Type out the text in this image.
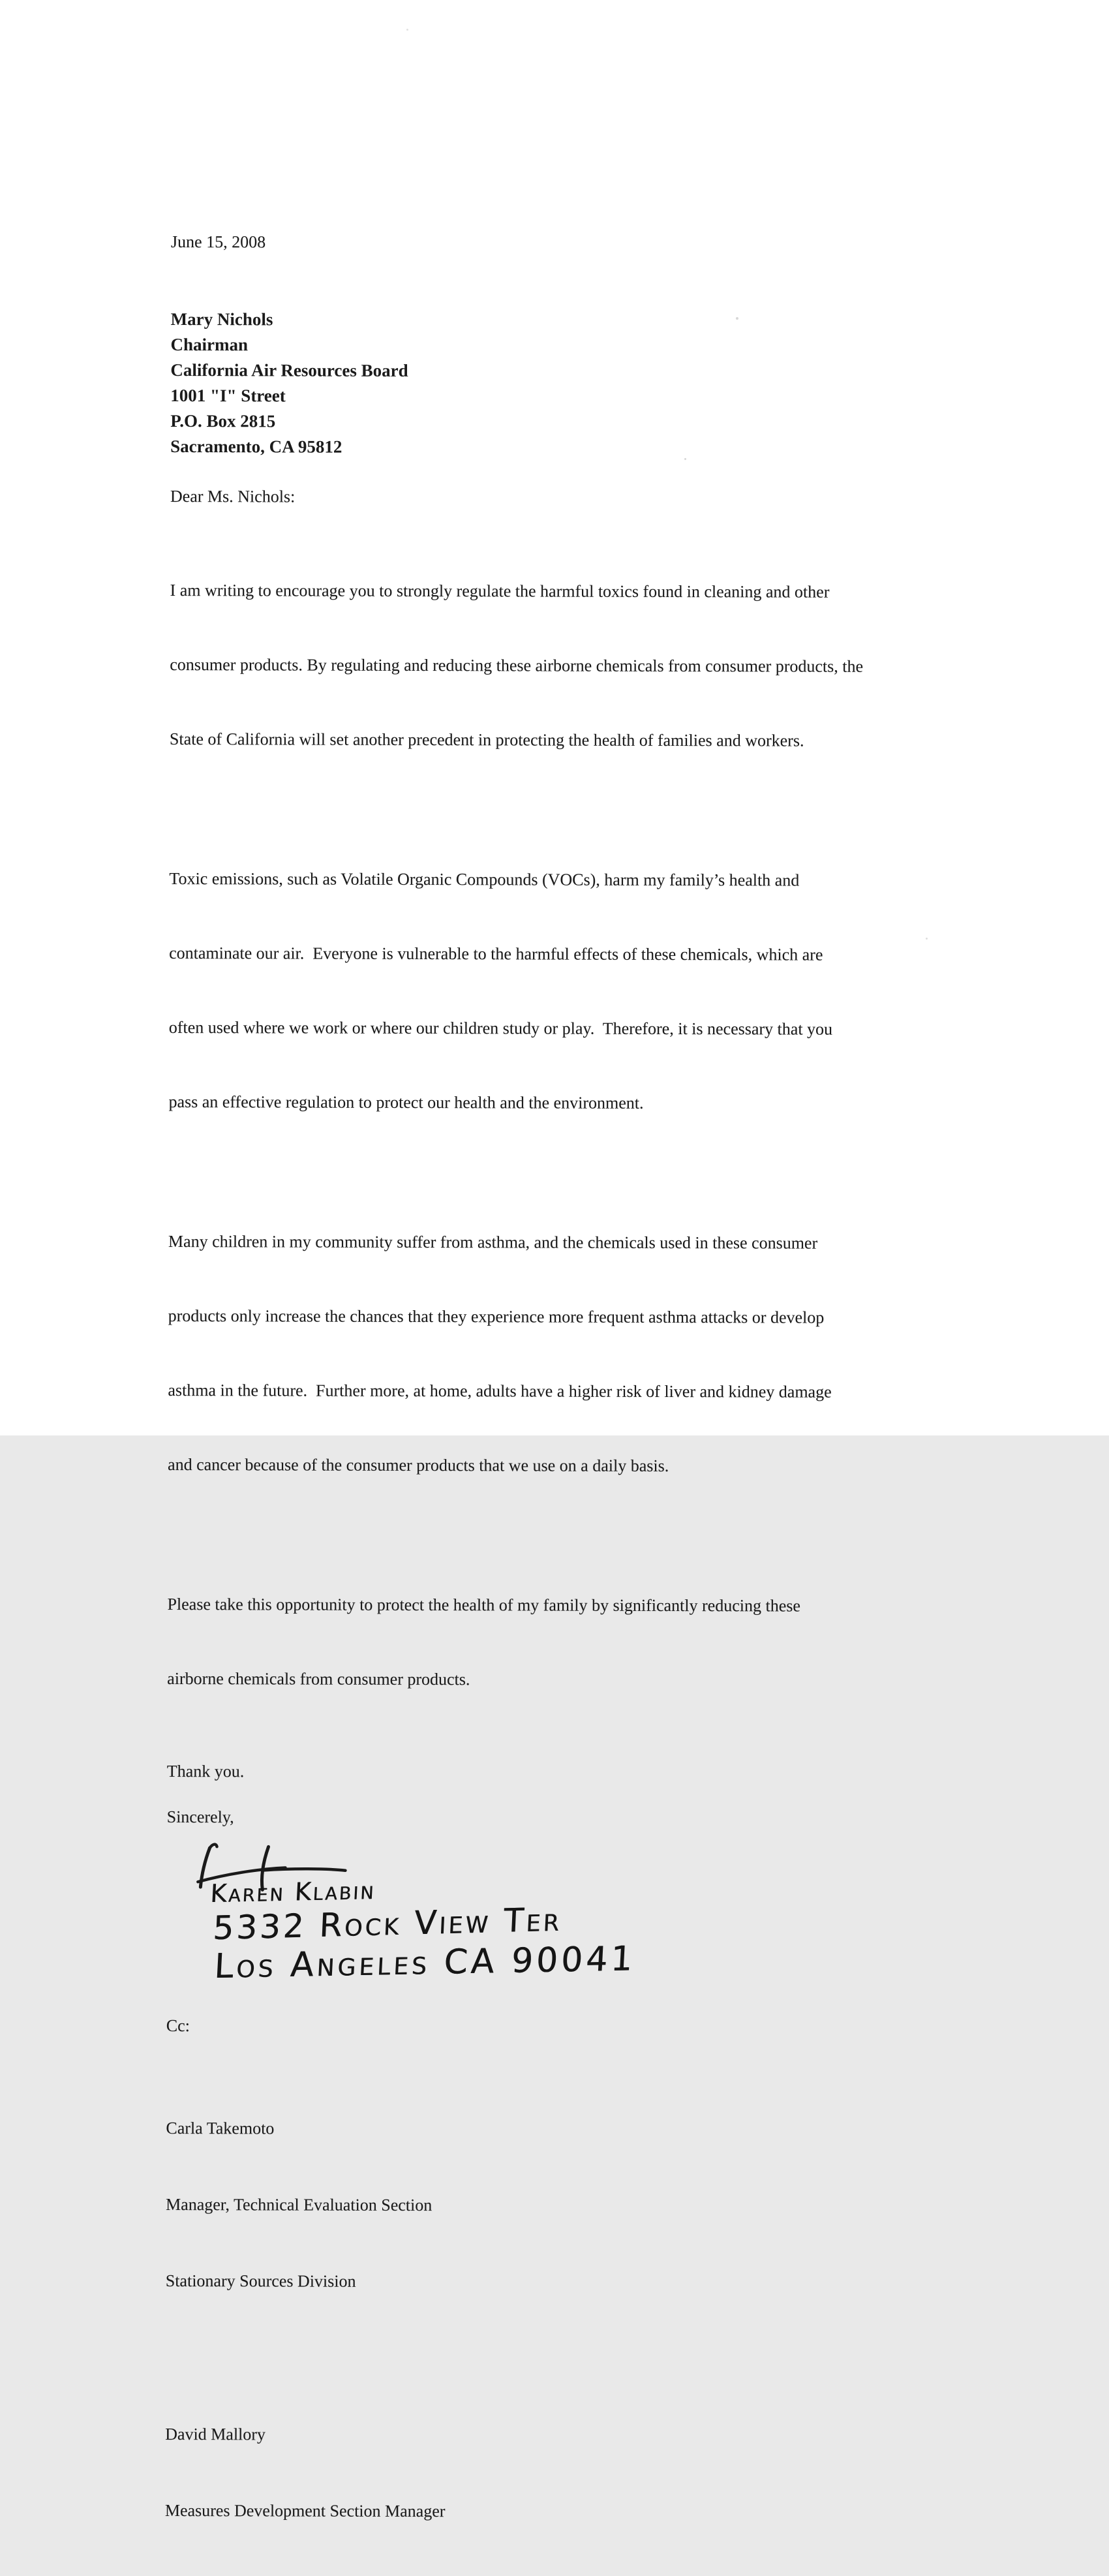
June 15, 2008
Mary Nichols
Chairman
California Air Resources Board
1001 "I" Street
P.O. Box 2815
Sacramento, CA 95812
Dear Ms. Nichols:

I am writing to encourage you to strongly regulate the harmful toxics found in cleaning and other

consumer products. By regulating and reducing these airborne chemicals from consumer products, the

State of California will set another precedent in protecting the health of families and workers.

Toxic emissions, such as Volatile Organic Compounds (VOCs), harm my family’s health and

contaminate our air.  Everyone is vulnerable to the harmful effects of these chemicals, which are

often used where we work or where our children study or play.  Therefore, it is necessary that you

pass an effective regulation to protect our health and the environment.

Many children in my community suffer from asthma, and the chemicals used in these consumer

products only increase the chances that they experience more frequent asthma attacks or develop

asthma in the future.  Further more, at home, adults have a higher risk of liver and kidney damage

and cancer because of the consumer products that we use on a daily basis.

Please take this opportunity to protect the health of my family by significantly reducing these

airborne chemicals from consumer products.

Thank you.
Sincerely,
Karen Klabin
5332 Rock View Ter
Los Angeles CA 90041
Cc:

Carla Takemoto

Manager, Technical Evaluation Section

Stationary Sources Division

David Mallory

Measures Development Section Manager
